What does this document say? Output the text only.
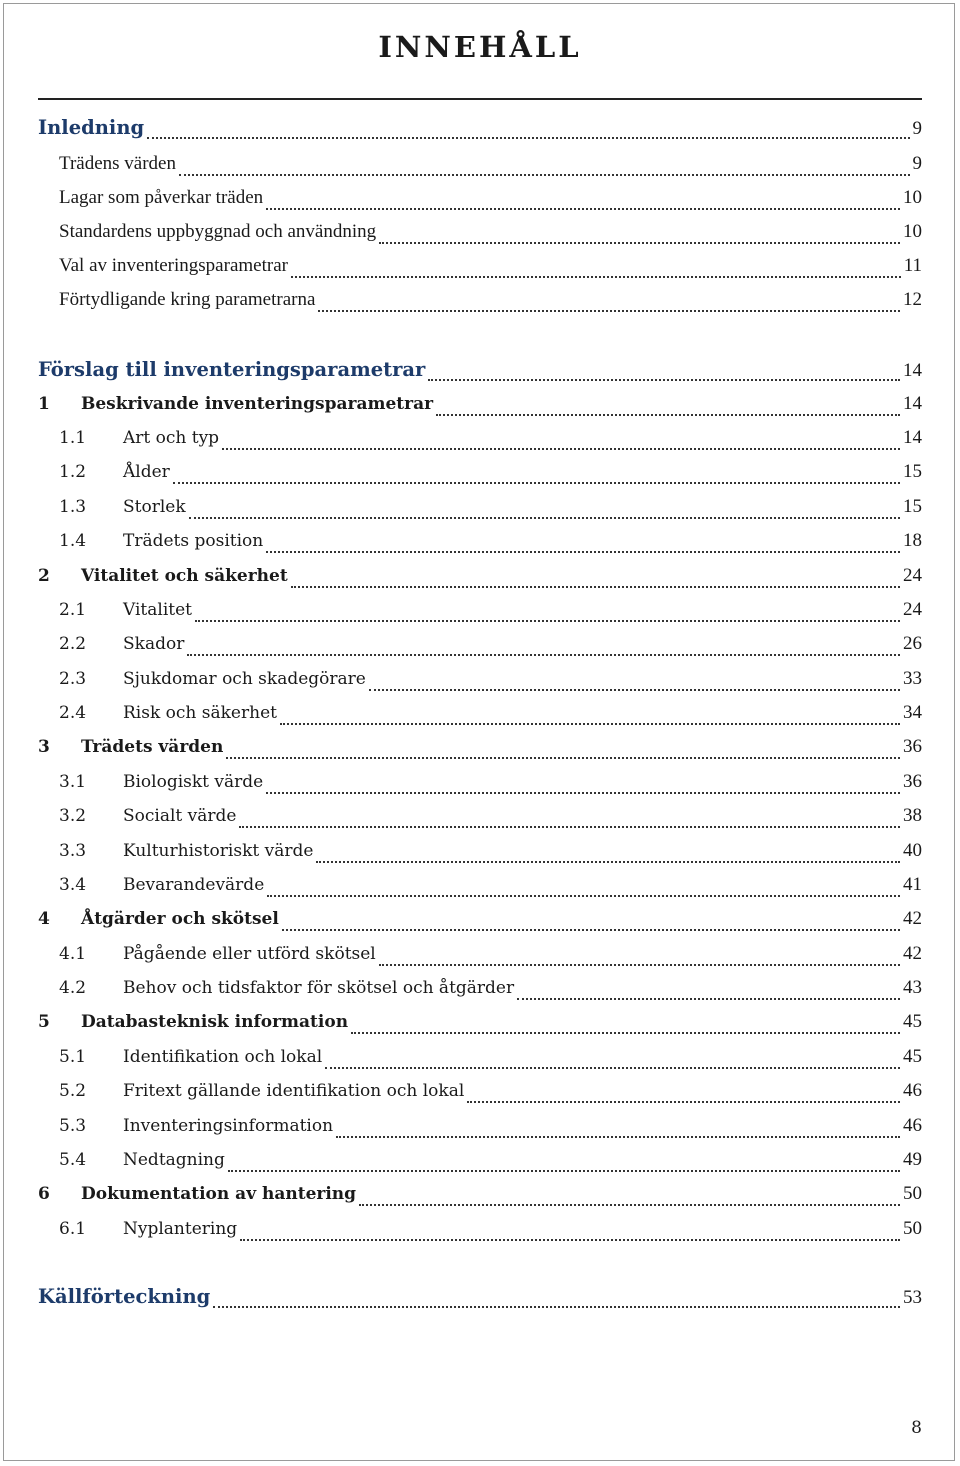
INNEHÅLL
Inledning	9
Trädens värden	9
Lagar som påverkar träden	10
Standardens uppbyggnad och användning	10
Val av inventeringsparametrar	11
Förtydligande kring parametrarna	12
Förslag till inventeringsparametrar	14
1	Beskrivande inventeringsparametrar	14
1.1	Art och typ	14
1.2	Ålder	15
1.3	Storlek	15
1.4	Trädets position	18
2	Vitalitet och säkerhet	24
2.1	Vitalitet	24
2.2	Skador	26
2.3	Sjukdomar och skadegörare	33
2.4	Risk och säkerhet	34
3	Trädets värden	36
3.1	Biologiskt värde	36
3.2	Socialt värde	38
3.3	Kulturhistoriskt värde	40
3.4	Bevarandevärde	41
4	Åtgärder och skötsel	42
4.1	Pågående eller utförd skötsel	42
4.2	Behov och tidsfaktor för skötsel och åtgärder	43
5	Databasteknisk information	45
5.1	Identifikation och lokal	45
5.2	Fritext gällande identifikation och lokal	46
5.3	Inventeringsinformation	46
5.4	Nedtagning	49
6	Dokumentation av hantering	50
6.1	Nyplantering	50
Källförteckning	53
8
